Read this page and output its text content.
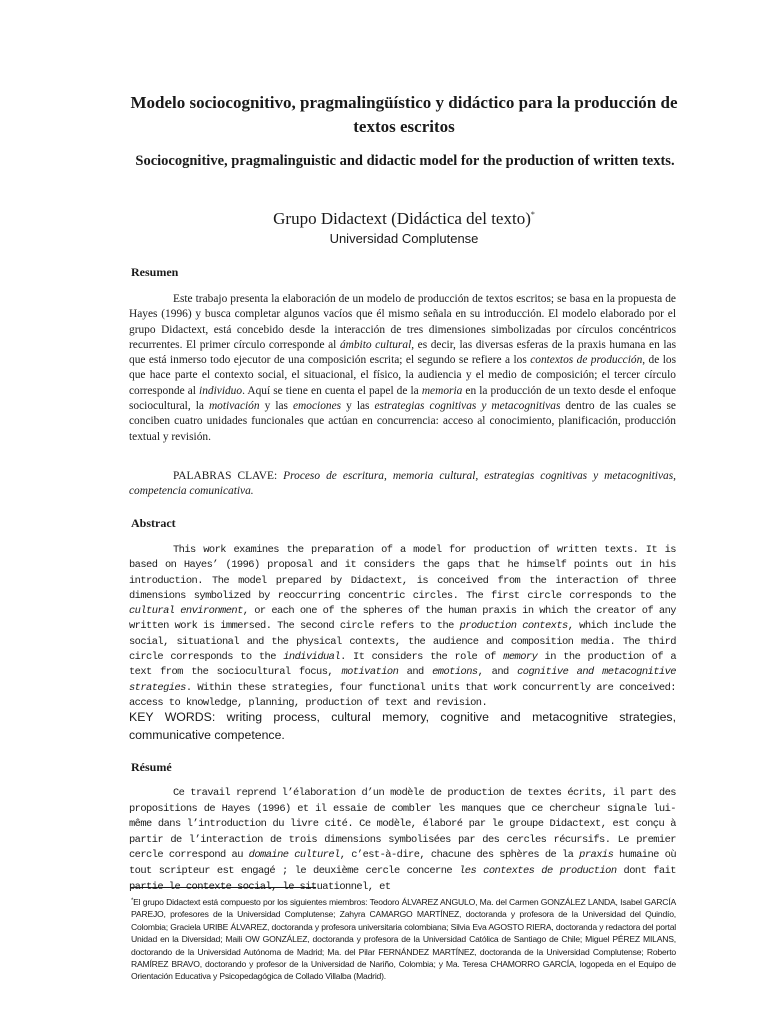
Modelo sociocognitivo, pragmalingüístico y didáctico para la producción de textos escritos
Sociocognitive, pragmalinguistic and didactic model for the production of written texts.
Grupo Didactext (Didáctica del texto)*
Universidad Complutense
Resumen
Este trabajo presenta la elaboración de un modelo de producción de textos escritos; se basa en la propuesta de Hayes (1996) y busca completar algunos vacíos que él mismo señala en su introducción. El modelo elaborado por el grupo Didactext, está concebido desde la interacción de tres dimensiones simbolizadas por círculos concéntricos recurrentes. El primer círculo corresponde al ámbito cultural, es decir, las diversas esferas de la praxis humana en las que está inmerso todo ejecutor de una composición escrita; el segundo se refiere a los contextos de producción, de los que hace parte el contexto social, el situacional, el físico, la audiencia y el medio de composición; el tercer círculo corresponde al individuo. Aquí se tiene en cuenta el papel de la memoria en la producción de un texto desde el enfoque sociocultural, la motivación y las emociones y las estrategias cognitivas y metacognitivas dentro de las cuales se conciben cuatro unidades funcionales que actúan en concurrencia: acceso al conocimiento, planificación, producción textual y revisión.
PALABRAS CLAVE: Proceso de escritura, memoria cultural, estrategias cognitivas y metacognitivas, competencia comunicativa.
Abstract
This work examines the preparation of a model for production of written texts. It is based on Hayes’ (1996) proposal and it considers the gaps that he himself points out in his introduction. The model prepared by Didactext, is conceived from the interaction of three dimensions symbolized by reoccurring concentric circles. The first circle corresponds to the cultural environment, or each one of the spheres of the human praxis in which the creator of any written work is immersed. The second circle refers to the production contexts, which include the social, situational and the physical contexts, the audience and composition media. The third circle corresponds to the individual. It considers the role of memory in the production of a text from the sociocultural focus, motivation and emotions, and cognitive and metacognitive strategies. Within these strategies, four functional units that work concurrently are conceived: access to knowledge, planning, production of text and revision.
KEY WORDS: writing process, cultural memory, cognitive and metacognitive strategies, communicative competence.
Résumé
Ce travail reprend l’élaboration d’un modèle de production de textes écrits, il part des propositions de Hayes (1996) et il essaie de combler les manques que ce chercheur signale lui-même dans l’introduction du livre cité. Ce modèle, élaboré par le groupe Didactext, est conçu à partir de l’interaction de trois dimensions symbolisées par des cercles récursifs. Le premier cercle correspond au domaine culturel, c’est-à-dire, chacune des sphères de la praxis humaine où tout scripteur est engagé ; le deuxième cercle concerne les contextes de production dont fait partie le contexte social, le situationnel, et
*El grupo Didactext está compuesto por los siguientes miembros: Teodoro ÁLVAREZ ANGULO, Ma. del Carmen GONZÁLEZ LANDA, Isabel GARCÍA PAREJO, profesores de la Universidad Complutense; Zahyra CAMARGO MARTÍNEZ, doctoranda y profesora de la Universidad del Quindío, Colombia; Graciela URIBE ÁLVAREZ, doctoranda y profesora universitaria colombiana; Silvia Eva AGOSTO RIERA, doctoranda y redactora del portal Unidad en la Diversidad; Maili OW GONZÁLEZ, doctoranda y profesora de la Universidad Católica de Santiago de Chile; Miguel PÉREZ MILANS, doctorando de la Universidad Autónoma de Madrid; Ma. del Pilar FERNÁNDEZ MARTÍNEZ, doctoranda de la Universidad Complutense; Roberto RAMÍREZ BRAVO, doctorando y profesor de la Universidad de Nariño, Colombia; y Ma. Teresa CHAMORRO GARCÍA, logopeda en el Equipo de Orientación Educativa y Psicopedagógica de Collado Villalba (Madrid).
